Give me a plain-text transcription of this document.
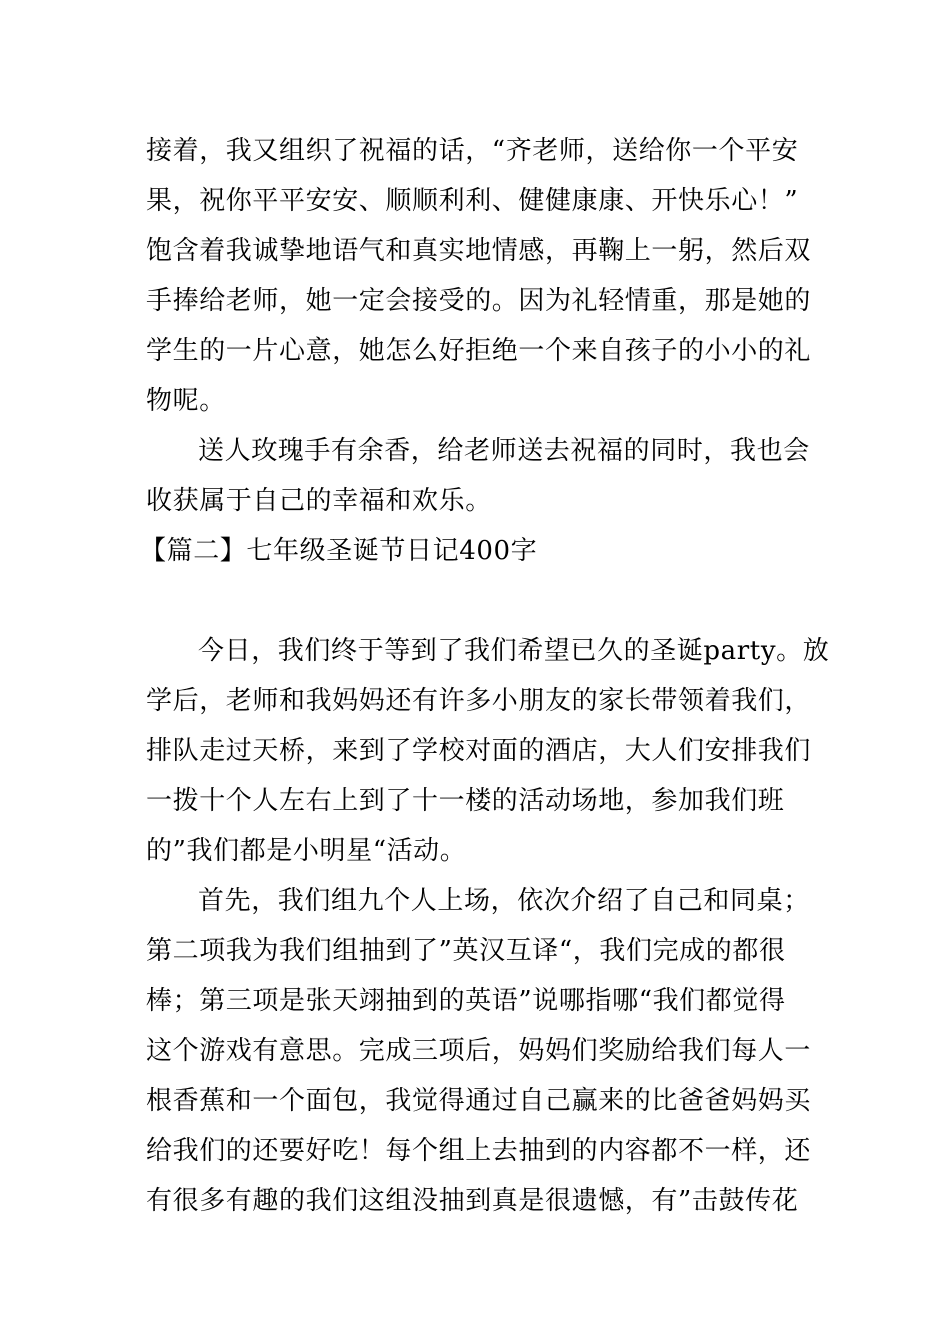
接着，我又组织了祝福的话，“齐老师，送给你一个平安
果，祝你平平安安、顺顺利利、健健康康、开快乐心！”
饱含着我诚挚地语气和真实地情感，再鞠上一躬，然后双
手捧给老师，她一定会接受的。因为礼轻情重，那是她的
学生的一片心意，她怎么好拒绝一个来自孩子的小小的礼
物呢。

送人玫瑰手有余香，给老师送去祝福的同时，我也会
收获属于自己的幸福和欢乐。

【篇二】七年级圣诞节日记400字

今日，我们终于等到了我们希望已久的圣诞party。放
学后，老师和我妈妈还有许多小朋友的家长带领着我们，
排队走过天桥，来到了学校对面的酒店，大人们安排我们
一拨十个人左右上到了十一楼的活动场地，参加我们班
的”我们都是小明星“活动。

首先，我们组九个人上场，依次介绍了自己和同桌；
第二项我为我们组抽到了”英汉互译“，我们完成的都很
棒；第三项是张天翊抽到的英语”说哪指哪“我们都觉得
这个游戏有意思。完成三项后，妈妈们奖励给我们每人一
根香蕉和一个面包，我觉得通过自己赢来的比爸爸妈妈买
给我们的还要好吃！每个组上去抽到的内容都不一样，还
有很多有趣的我们这组没抽到真是很遗憾，有”击鼓传花
